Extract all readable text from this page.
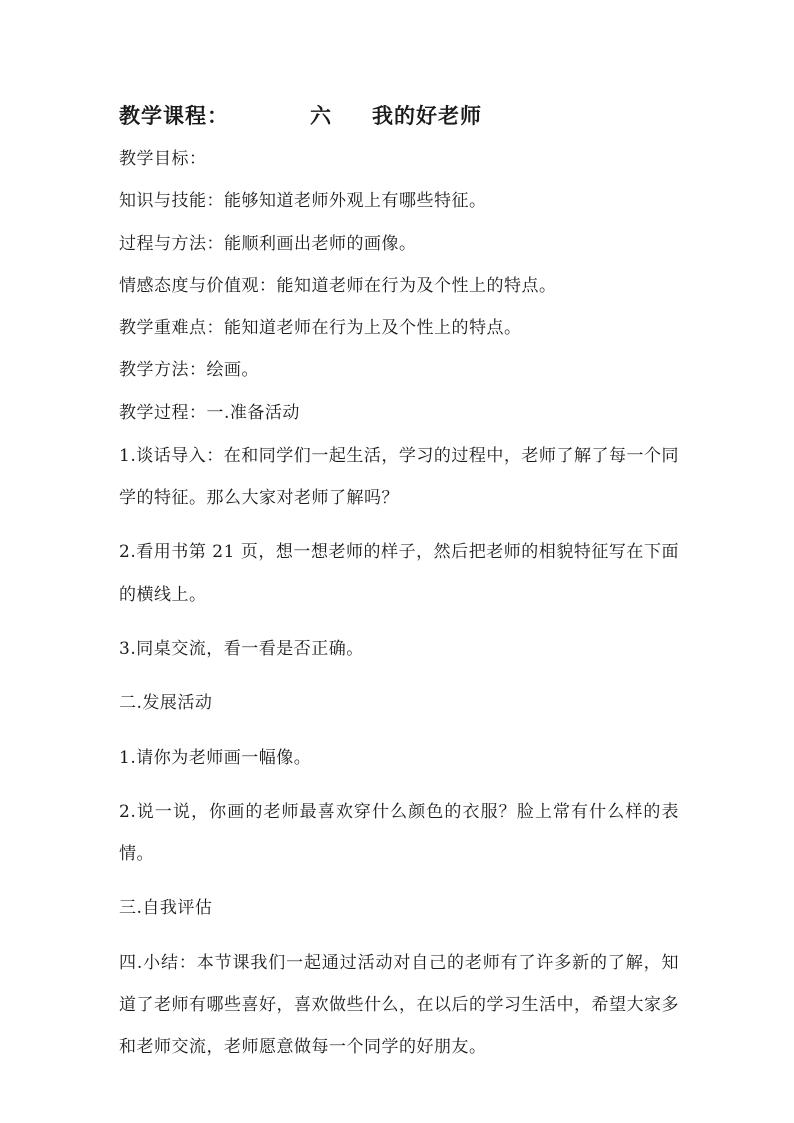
教学课程：	六	我的好老师
教学目标：
知识与技能：能够知道老师外观上有哪些特征。
过程与方法：能顺利画出老师的画像。
情感态度与价值观：能知道老师在行为及个性上的特点。
教学重难点：能知道老师在行为上及个性上的特点。
教学方法：绘画。
教学过程：一.准备活动
1.谈话导入：在和同学们一起生活，学习的过程中，老师了解了每一个同学的特征。那么大家对老师了解吗？
2.看用书第 21 页，想一想老师的样子，然后把老师的相貌特征写在下面的横线上。
3.同桌交流，看一看是否正确。
二.发展活动
1.请你为老师画一幅像。
2.说一说，你画的老师最喜欢穿什么颜色的衣服？脸上常有什么样的表情。
三.自我评估
四.小结：本节课我们一起通过活动对自己的老师有了许多新的了解，知道了老师有哪些喜好，喜欢做些什么，在以后的学习生活中，希望大家多和老师交流，老师愿意做每一个同学的好朋友。
